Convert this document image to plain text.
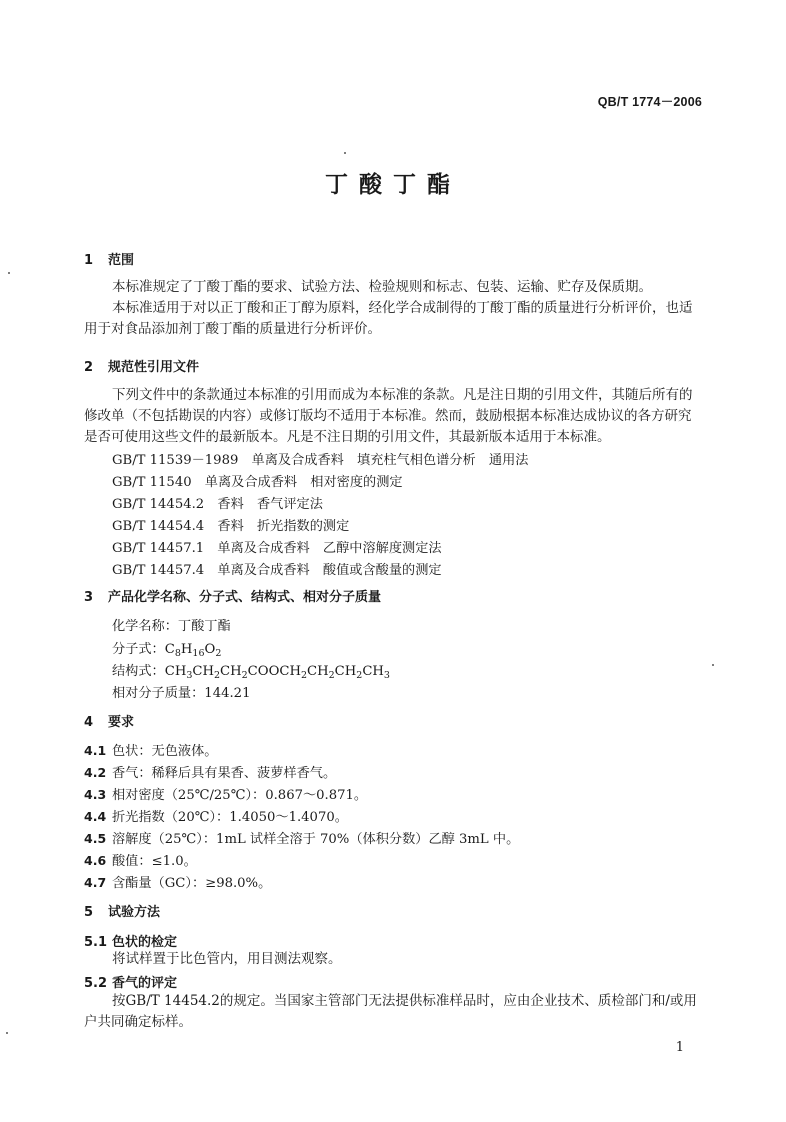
QB/T 1774－2006
丁酸丁酯
1 范围
本标准规定了丁酸丁酯的要求、试验方法、检验规则和标志、包装、运输、贮存及保质期。
本标准适用于对以正丁酸和正丁醇为原料，经化学合成制得的丁酸丁酯的质量进行分析评价，也适
用于对食品添加剂丁酸丁酯的质量进行分析评价。
2 规范性引用文件
下列文件中的条款通过本标准的引用而成为本标准的条款。凡是注日期的引用文件，其随后所有的
修改单（不包括勘误的内容）或修订版均不适用于本标准。然而，鼓励根据本标准达成协议的各方研究
是否可使用这些文件的最新版本。凡是不注日期的引用文件，其最新版本适用于本标准。
GB/T 11539－1989　单离及合成香料　填充柱气相色谱分析　通用法
GB/T 11540　单离及合成香料　相对密度的测定
GB/T 14454.2　香料　香气评定法
GB/T 14454.4　香料　折光指数的测定
GB/T 14457.1　单离及合成香料　乙醇中溶解度测定法
GB/T 14457.4　单离及合成香料　酸值或含酸量的测定
3 产品化学名称、分子式、结构式、相对分子质量
化学名称：丁酸丁酯
分子式：$C_8H_{16}O_2$
结构式：$CH_3CH_2CH_2COOCH_2CH_2CH_2CH_3$
相对分子质量：144.21
4 要求
4.1 色状：无色液体。
4.2 香气：稀释后具有果香、菠萝样香气。
4.3 相对密度（25℃/25℃）：0.867～0.871。
4.4 折光指数（20℃）：1.4050～1.4070。
4.5 溶解度（25℃）：1mL 试样全溶于 70%（体积分数）乙醇 3mL 中。
4.6 酸值：≤1.0。
4.7 含酯量（GC）：≥98.0%。
5 试验方法
5.1 色状的检定
将试样置于比色管内，用目测法观察。
5.2 香气的评定
按GB/T 14454.2的规定。当国家主管部门无法提供标准样品时，应由企业技术、质检部门和/或用
户共同确定标样。
1
